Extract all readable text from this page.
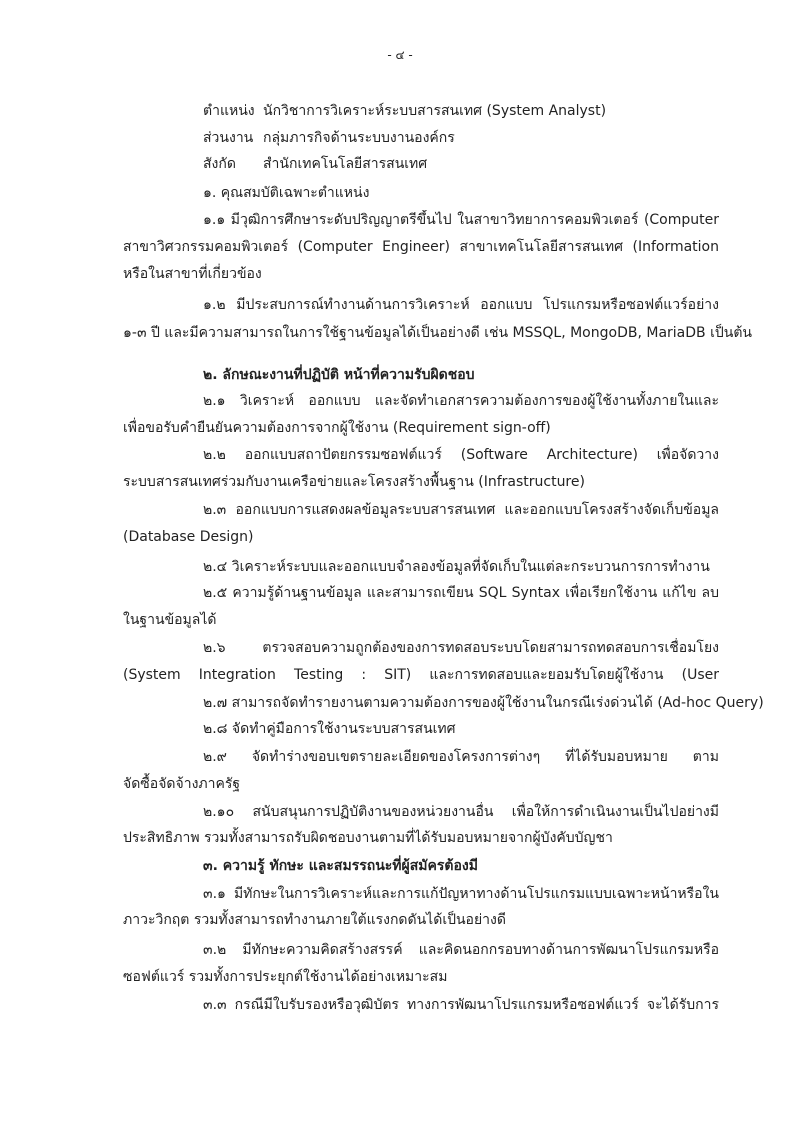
- ๔ -
ตำแหน่ง นักวิชาการวิเคราะห์ระบบสารสนเทศ (System Analyst)
ส่วนงาน กลุ่มภารกิจด้านระบบงานองค์กร
สังกัด สำนักเทคโนโลยีสารสนเทศ
๑. คุณสมบัติเฉพาะตำแหน่ง
๑.๑ มีวุฒิการศึกษาระดับปริญญาตรีขึ้นไป ในสาขาวิทยาการคอมพิวเตอร์ (Computer
สาขาวิศวกรรมคอมพิวเตอร์ (Computer Engineer) สาขาเทคโนโลยีสารสนเทศ (Information
หรือในสาขาที่เกี่ยวข้อง
๑.๒ มีประสบการณ์ทำงานด้านการวิเคราะห์ ออกแบบ โปรแกรมหรือซอฟต์แวร์อย่าง
๑-๓ ปี และมีความสามารถในการใช้ฐานข้อมูลได้เป็นอย่างดี เช่น MSSQL, MongoDB, MariaDB เป็นต้น
๒. ลักษณะงานที่ปฏิบัติ หน้าที่ความรับผิดชอบ
๒.๑ วิเคราะห์ ออกแบบ และจัดทำเอกสารความต้องการของผู้ใช้งานทั้งภายในและ
เพื่อขอรับคำยืนยันความต้องการจากผู้ใช้งาน (Requirement sign-off)
๒.๒ ออกแบบสถาปัตยกรรมซอฟต์แวร์ (Software Architecture) เพื่อจัดวาง
ระบบสารสนเทศร่วมกับงานเครือข่ายและโครงสร้างพื้นฐาน (Infrastructure)
๒.๓ ออกแบบการแสดงผลข้อมูลระบบสารสนเทศ และออกแบบโครงสร้างจัดเก็บข้อมูล
(Database Design)
๒.๔ วิเคราะห์ระบบและออกแบบจำลองข้อมูลที่จัดเก็บในแต่ละกระบวนการการทำงาน
๒.๕ ความรู้ด้านฐานข้อมูล และสามารถเขียน SQL Syntax เพื่อเรียกใช้งาน แก้ไข ลบ
ในฐานข้อมูลได้
๒.๖ ตรวจสอบความถูกต้องของการทดสอบระบบโดยสามารถทดสอบการเชื่อมโยง
(System Integration Testing : SIT) และการทดสอบและยอมรับโดยผู้ใช้งาน (User
๒.๗ สามารถจัดทำรายงานตามความต้องการของผู้ใช้งานในกรณีเร่งด่วนได้ (Ad-hoc Query)
๒.๘ จัดทำคู่มือการใช้งานระบบสารสนเทศ
๒.๙ จัดทำร่างขอบเขตรายละเอียดของโครงการต่างๆ ที่ได้รับมอบหมาย ตาม
จัดซื้อจัดจ้างภาครัฐ
๒.๑๐ สนับสนุนการปฏิบัติงานของหน่วยงานอื่น เพื่อให้การดำเนินงานเป็นไปอย่างมี
ประสิทธิภาพ รวมทั้งสามารถรับผิดชอบงานตามที่ได้รับมอบหมายจากผู้บังคับบัญชา
๓. ความรู้ ทักษะ และสมรรถนะที่ผู้สมัครต้องมี
๓.๑ มีทักษะในการวิเคราะห์และการแก้ปัญหาทางด้านโปรแกรมแบบเฉพาะหน้าหรือใน
ภาวะวิกฤต รวมทั้งสามารถทำงานภายใต้แรงกดดันได้เป็นอย่างดี
๓.๒ มีทักษะความคิดสร้างสรรค์ และคิดนอกกรอบทางด้านการพัฒนาโปรแกรมหรือ
ซอฟต์แวร์ รวมทั้งการประยุกต์ใช้งานได้อย่างเหมาะสม
๓.๓ กรณีมีใบรับรองหรือวุฒิบัตร ทางการพัฒนาโปรแกรมหรือซอฟต์แวร์ จะได้รับการ
